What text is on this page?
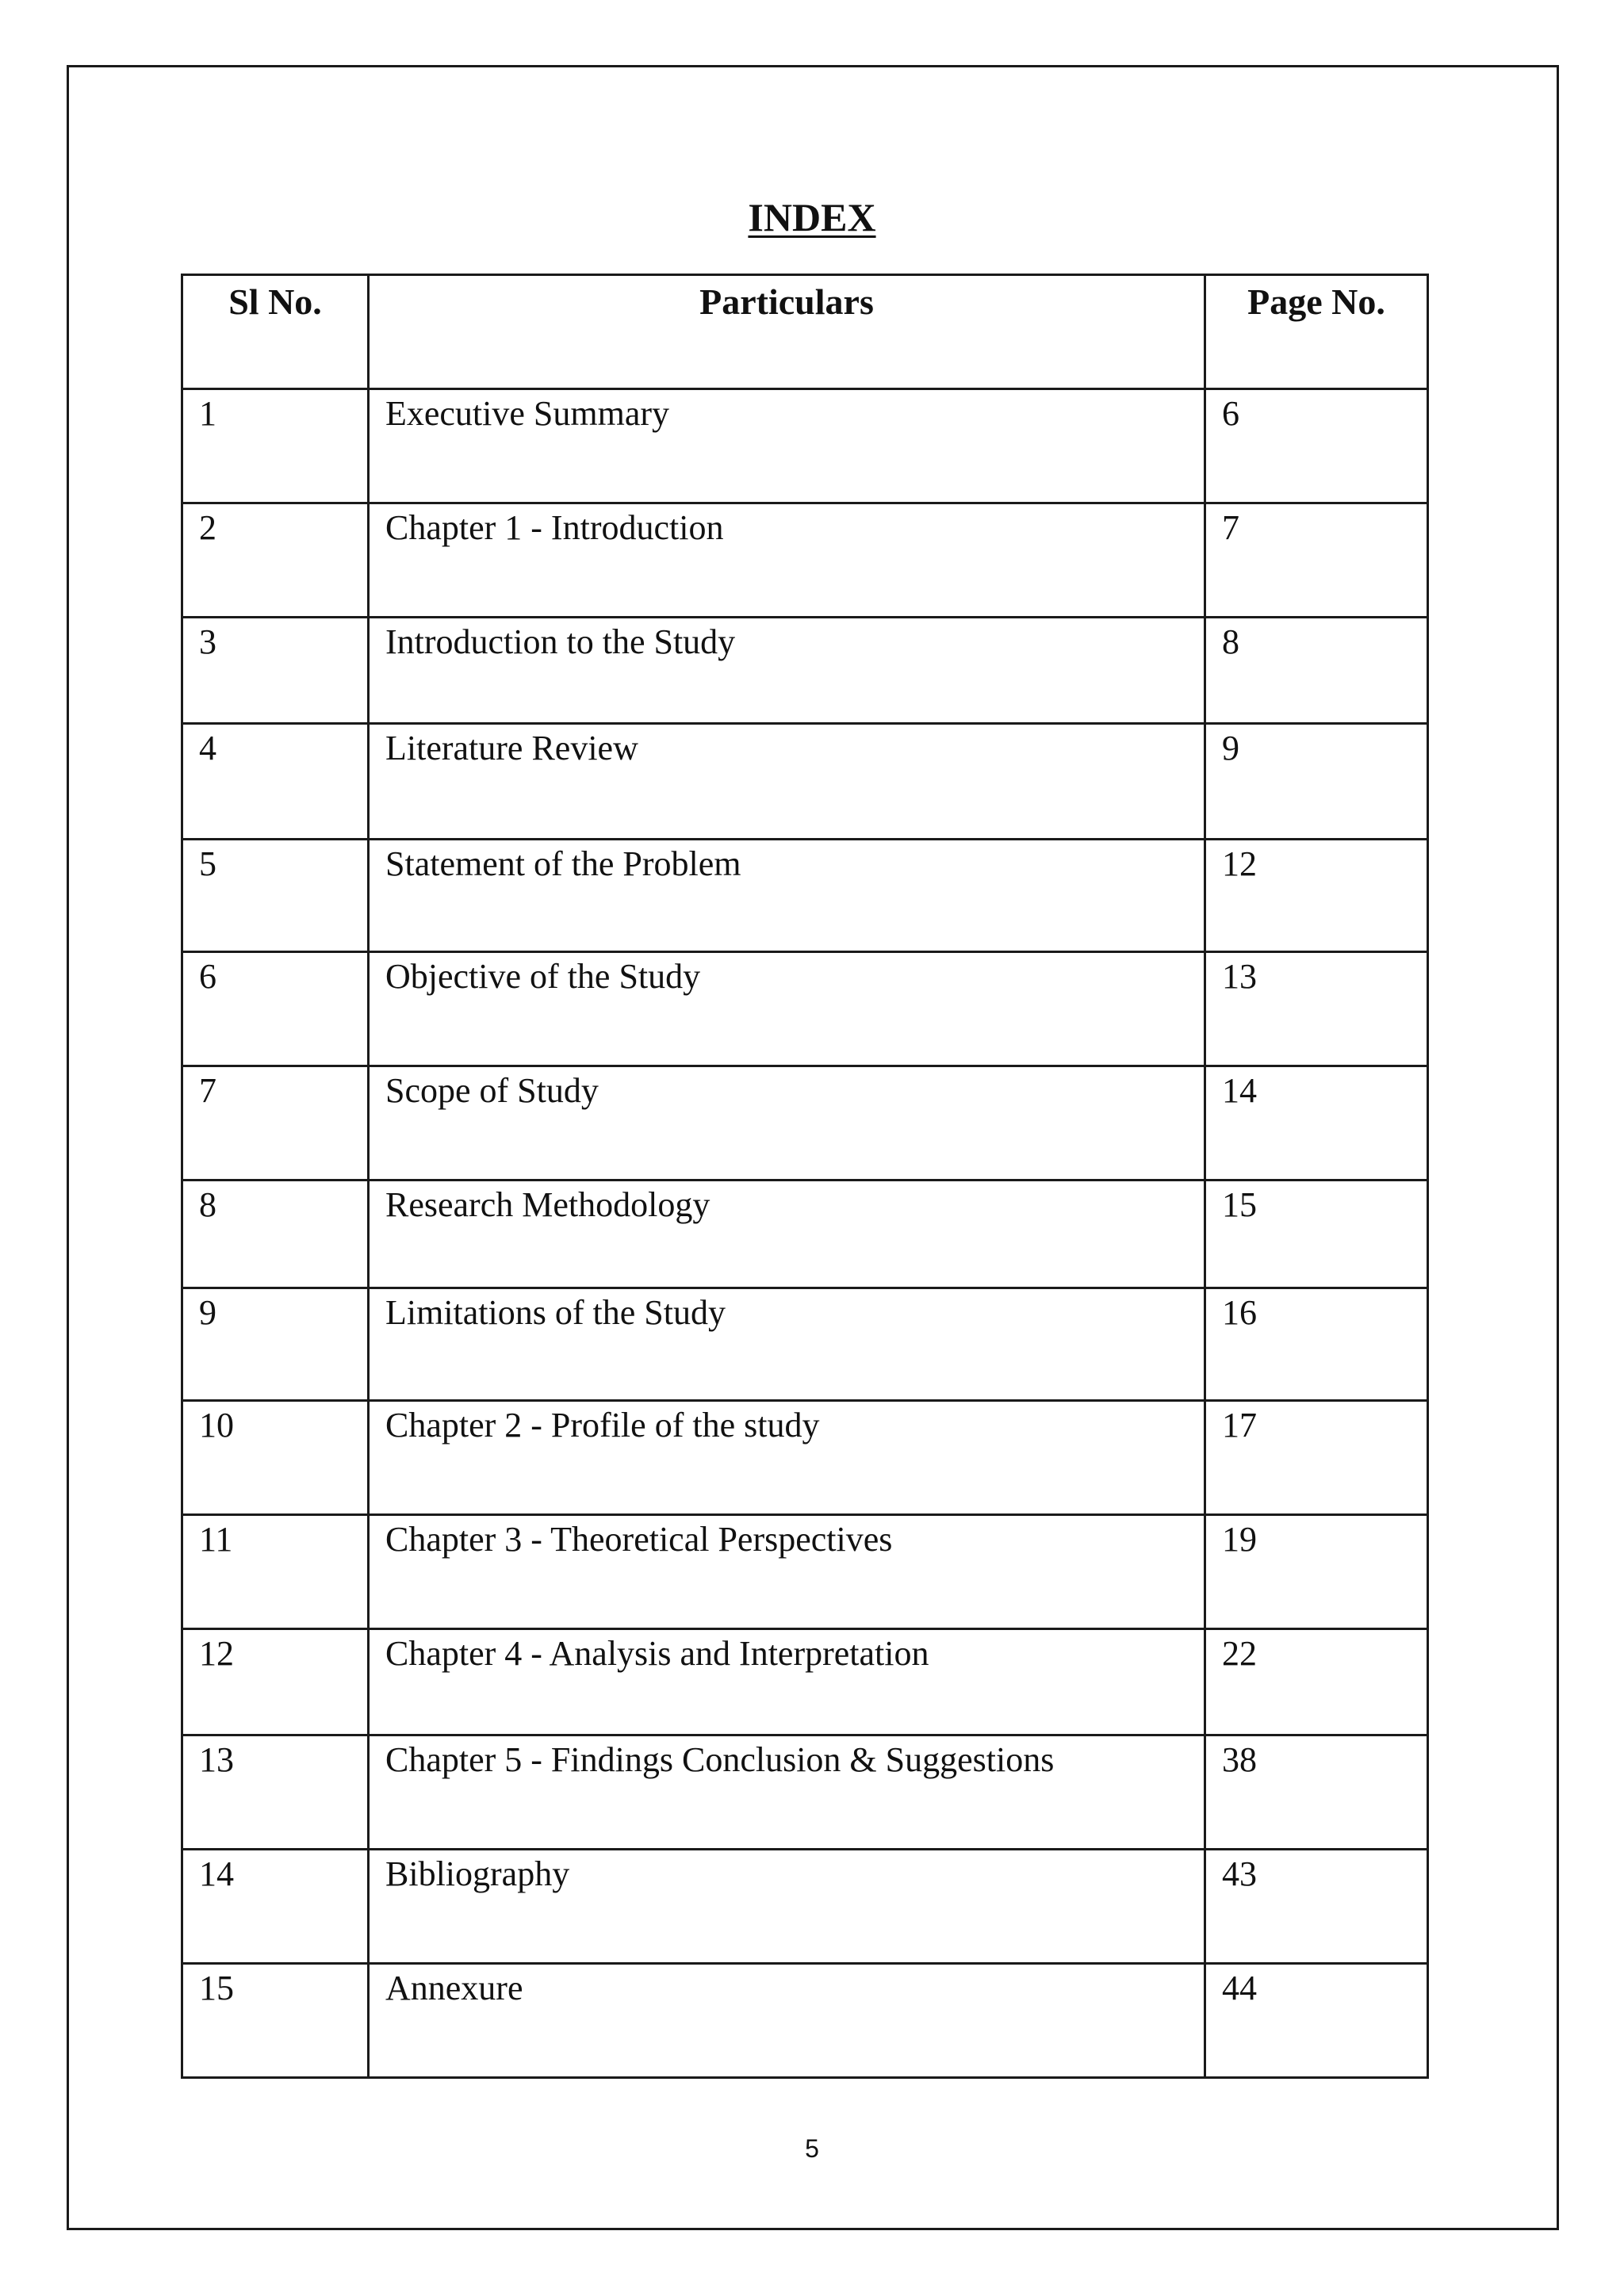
INDEX
Sl No.	Particulars	Page No.
1	Executive Summary	6
2	Chapter 1 - Introduction	7
3	Introduction to the Study	8
4	Literature Review	9
5	Statement of the Problem	12
6	Objective of the Study	13
7	Scope of Study	14
8	Research Methodology	15
9	Limitations of the Study	16
10	Chapter 2 - Profile of the study	17
11	Chapter 3 - Theoretical Perspectives	19
12	Chapter 4 - Analysis and Interpretation	22
13	Chapter 5 - Findings Conclusion & Suggestions	38
14	Bibliography	43
15	Annexure	44
5
